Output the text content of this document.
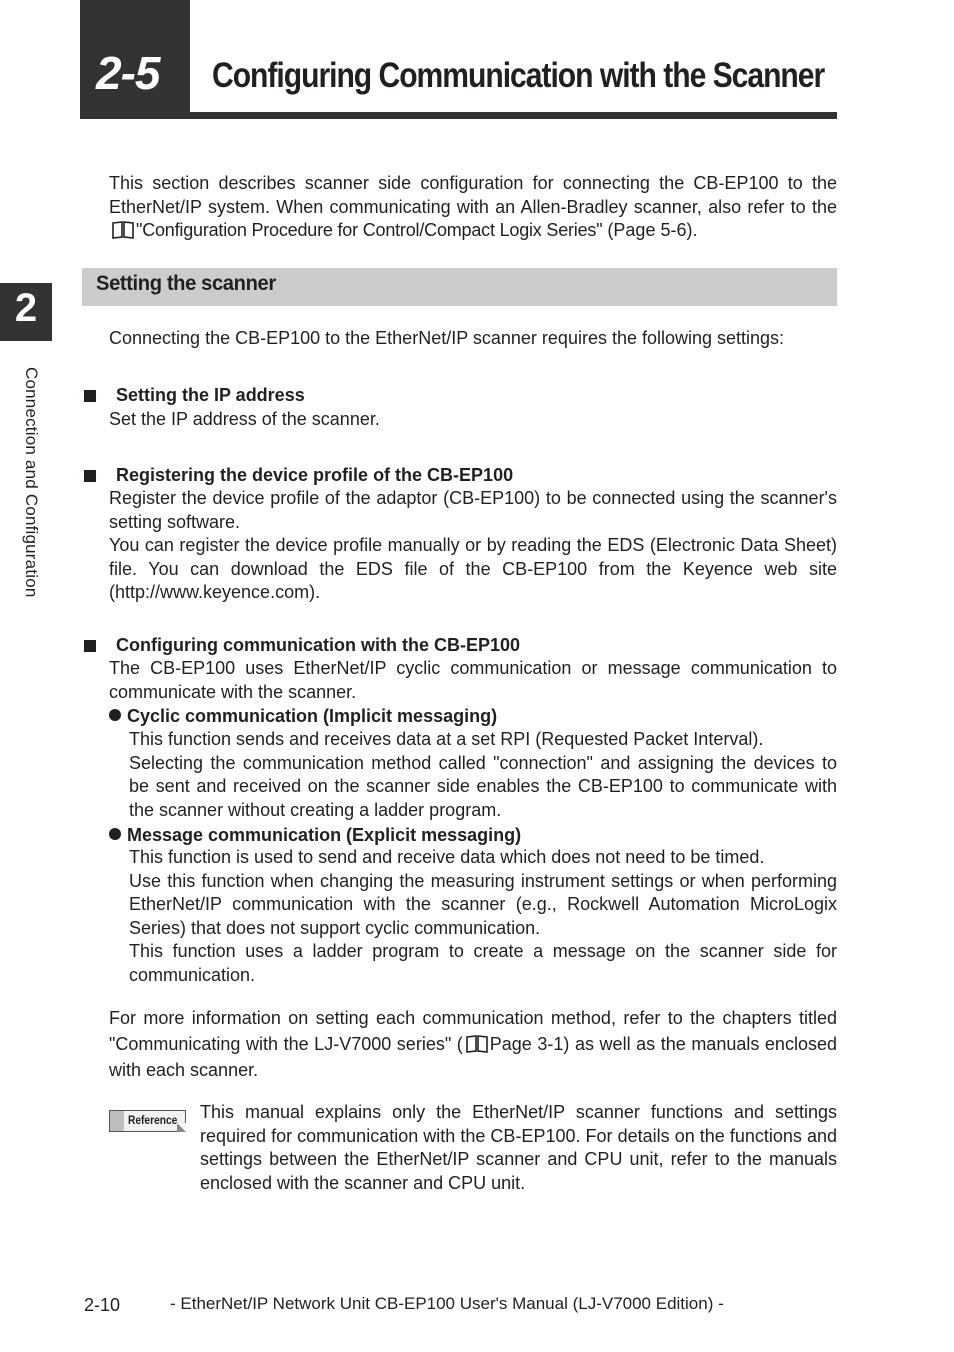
2-5	Configuring Communication with the Scanner
2
Connection and Configuration
This section describes scanner side configuration for connecting the CB-EP100 to the EtherNet/IP system. When communicating with an Allen-Bradley scanner, also refer to the "Configuration Procedure for Control/Compact Logix Series" (Page 5-6).
Setting the scanner
Connecting the CB-EP100 to the EtherNet/IP scanner requires the following settings:
Setting the IP address
Set the IP address of the scanner.
Registering the device profile of the CB-EP100
Register the device profile of the adaptor (CB-EP100) to be connected using the scanner's setting software.
You can register the device profile manually or by reading the EDS (Electronic Data Sheet) file. You can download the EDS file of the CB-EP100 from the Keyence web site (http://www.keyence.com).
Configuring communication with the CB-EP100
The CB-EP100 uses EtherNet/IP cyclic communication or message communication to communicate with the scanner.
Cyclic communication (Implicit messaging)
This function sends and receives data at a set RPI (Requested Packet Interval).
Selecting the communication method called "connection" and assigning the devices to be sent and received on the scanner side enables the CB-EP100 to communicate with the scanner without creating a ladder program.
Message communication (Explicit messaging)
This function is used to send and receive data which does not need to be timed.
Use this function when changing the measuring instrument settings or when performing EtherNet/IP communication with the scanner (e.g., Rockwell Automation MicroLogix Series) that does not support cyclic communication.
This function uses a ladder program to create a message on the scanner side for communication.
For more information on setting each communication method, refer to the chapters titled "Communicating with the LJ-V7000 series" ( Page 3-1) as well as the manuals enclosed with each scanner.
Reference This manual explains only the EtherNet/IP scanner functions and settings required for communication with the CB-EP100. For details on the functions and settings between the EtherNet/IP scanner and CPU unit, refer to the manuals enclosed with the scanner and CPU unit.
2-10	- EtherNet/IP Network Unit CB-EP100 User's Manual (LJ-V7000 Edition) -
